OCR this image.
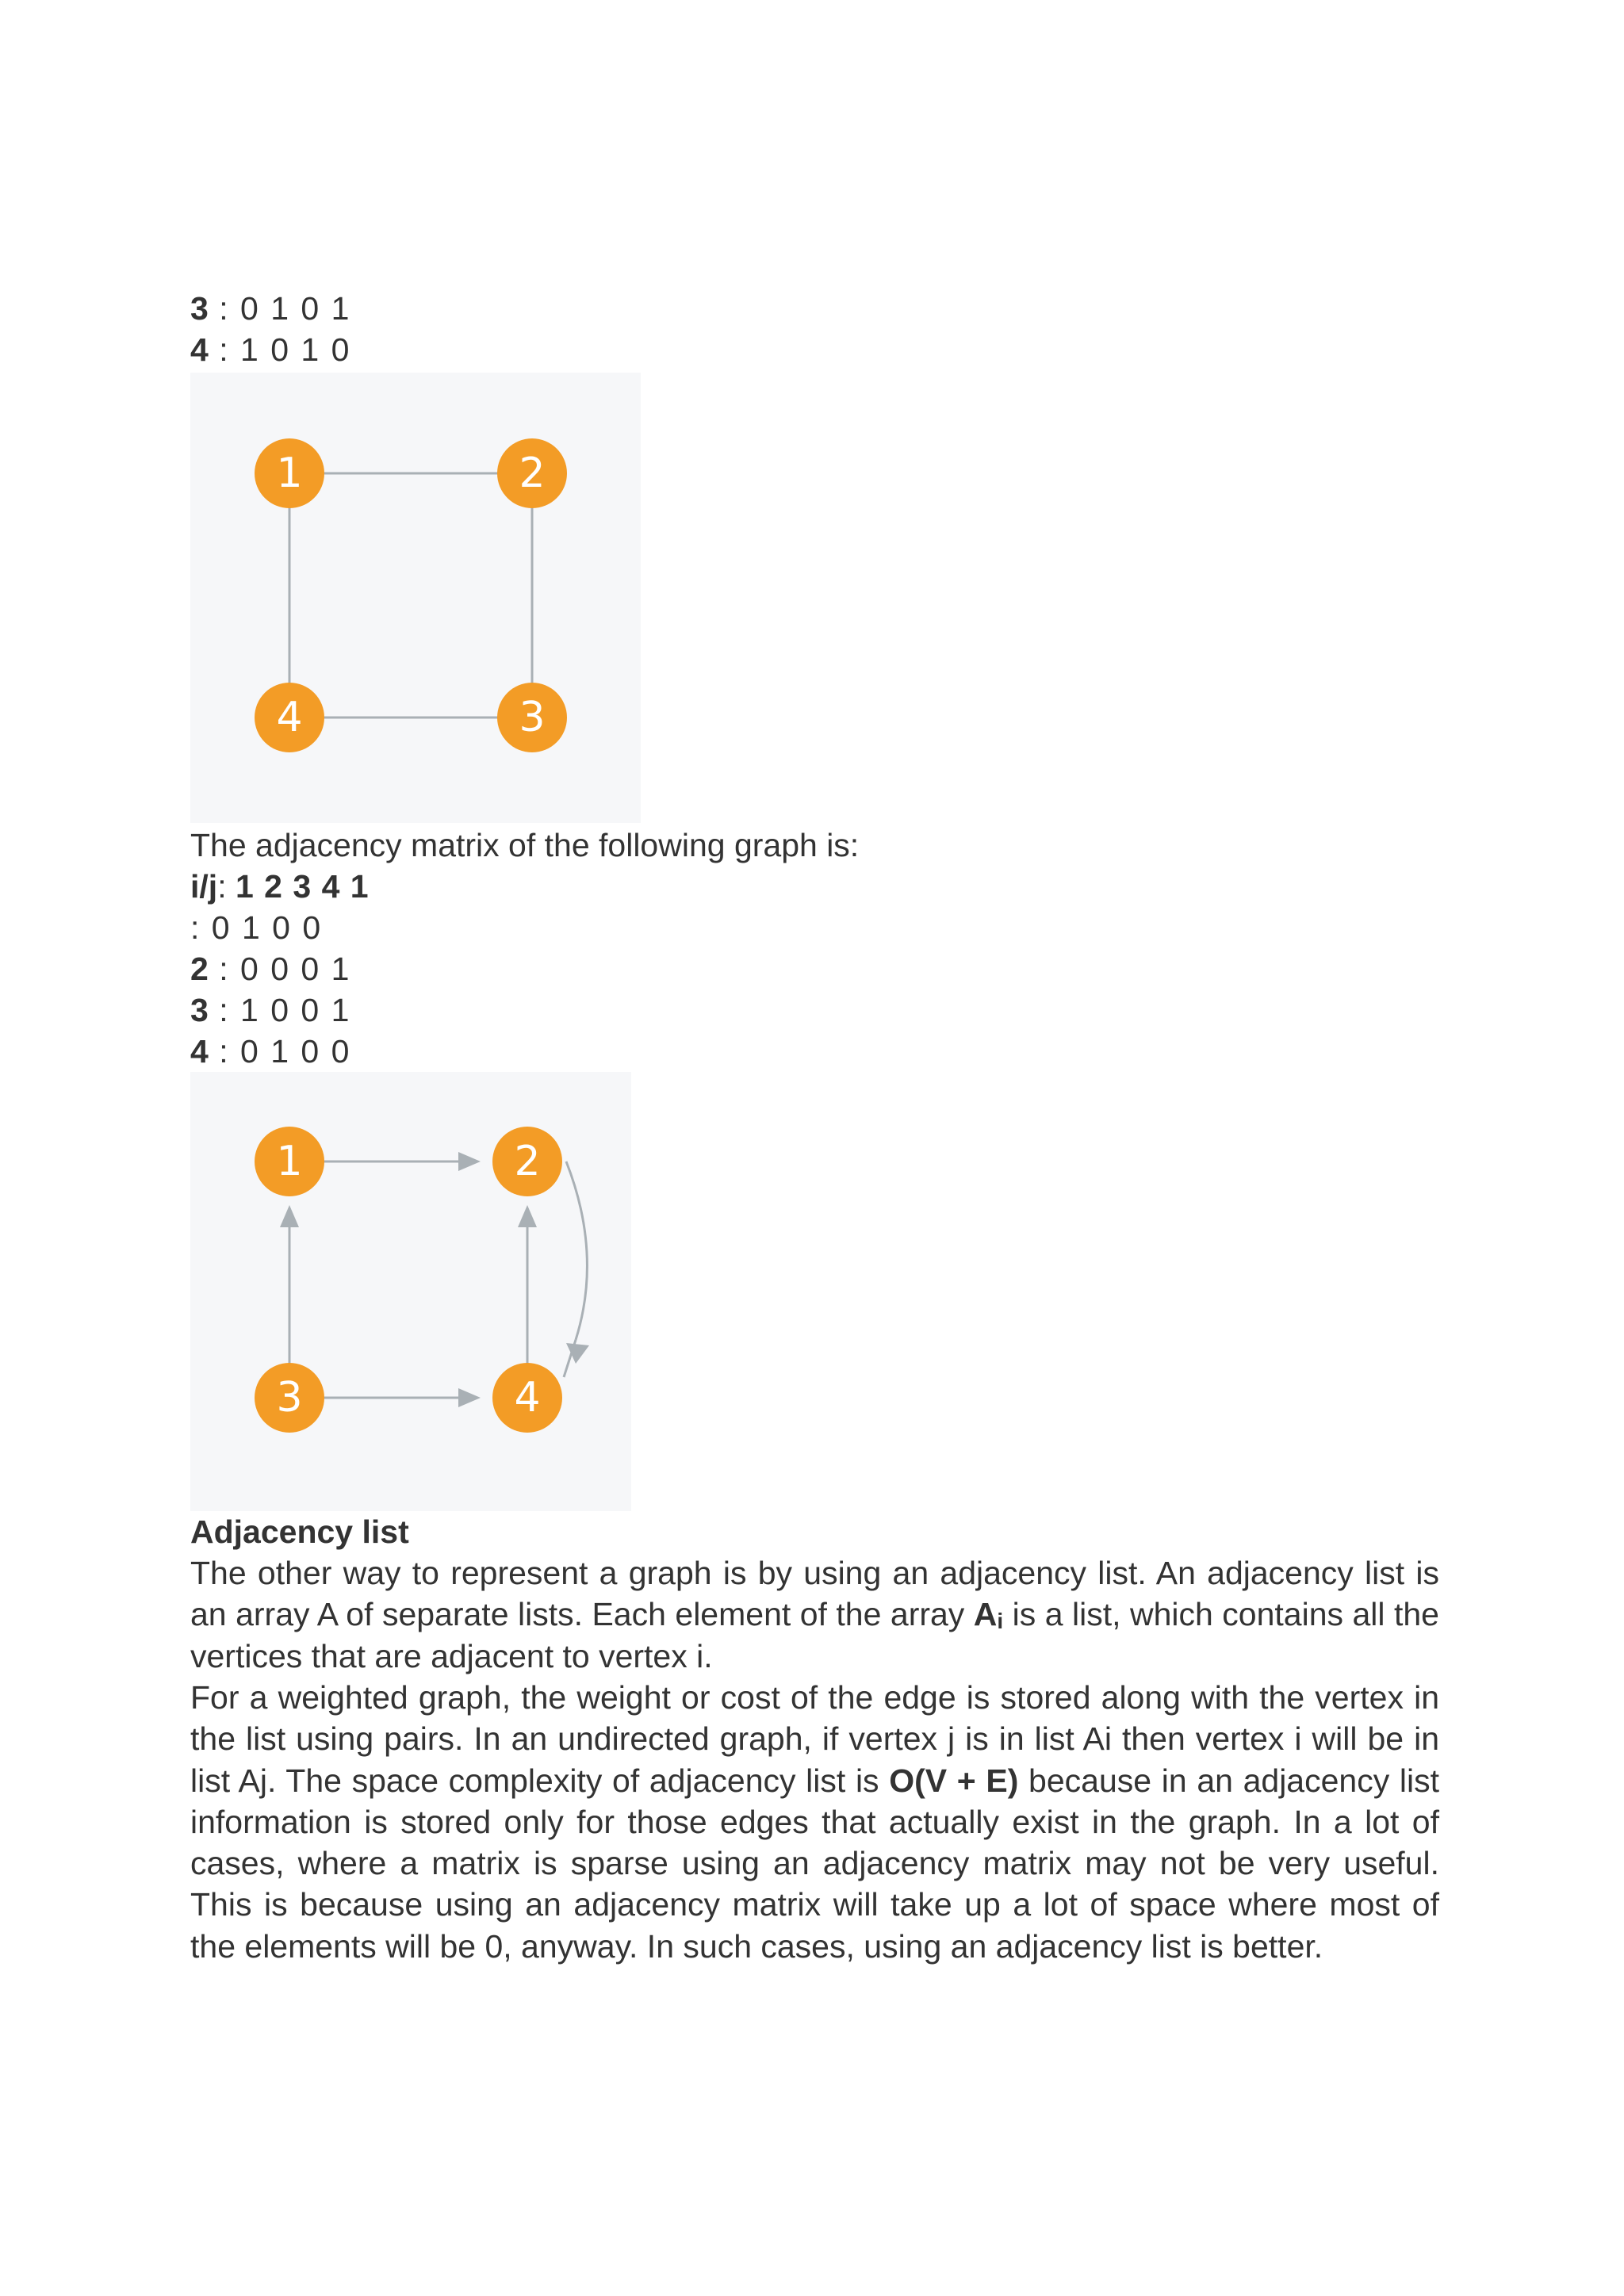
3 : 0 1 0 1
4 : 1 0 1 0
1	2
3
4
The adjacency matrix of the following graph is:
i/j: 1 2 3 4 1
: 0 1 0 0
2 : 0 0 0 1
3 : 1 0 0 1
4 : 0 1 0 0
1	2
3	4
Adjacency list
The other way to represent a graph is by using an adjacency list. An adjacency list is an array A of separate lists. Each element of the array $A_i$ is a list, which contains all the vertices that are adjacent to vertex i.
For a weighted graph, the weight or cost of the edge is stored along with the vertex in the list using pairs. In an undirected graph, if vertex j is in list Ai then vertex i will be in list Aj. The space complexity of adjacency list is O(V + E) because in an adjacency list information is stored only for those edges that actually exist in the graph. In a lot of cases, where a matrix is sparse using an adjacency matrix may not be very useful. This is because using an adjacency matrix will take up a lot of space where most of the elements will be 0, anyway. In such cases, using an adjacency list is better.
